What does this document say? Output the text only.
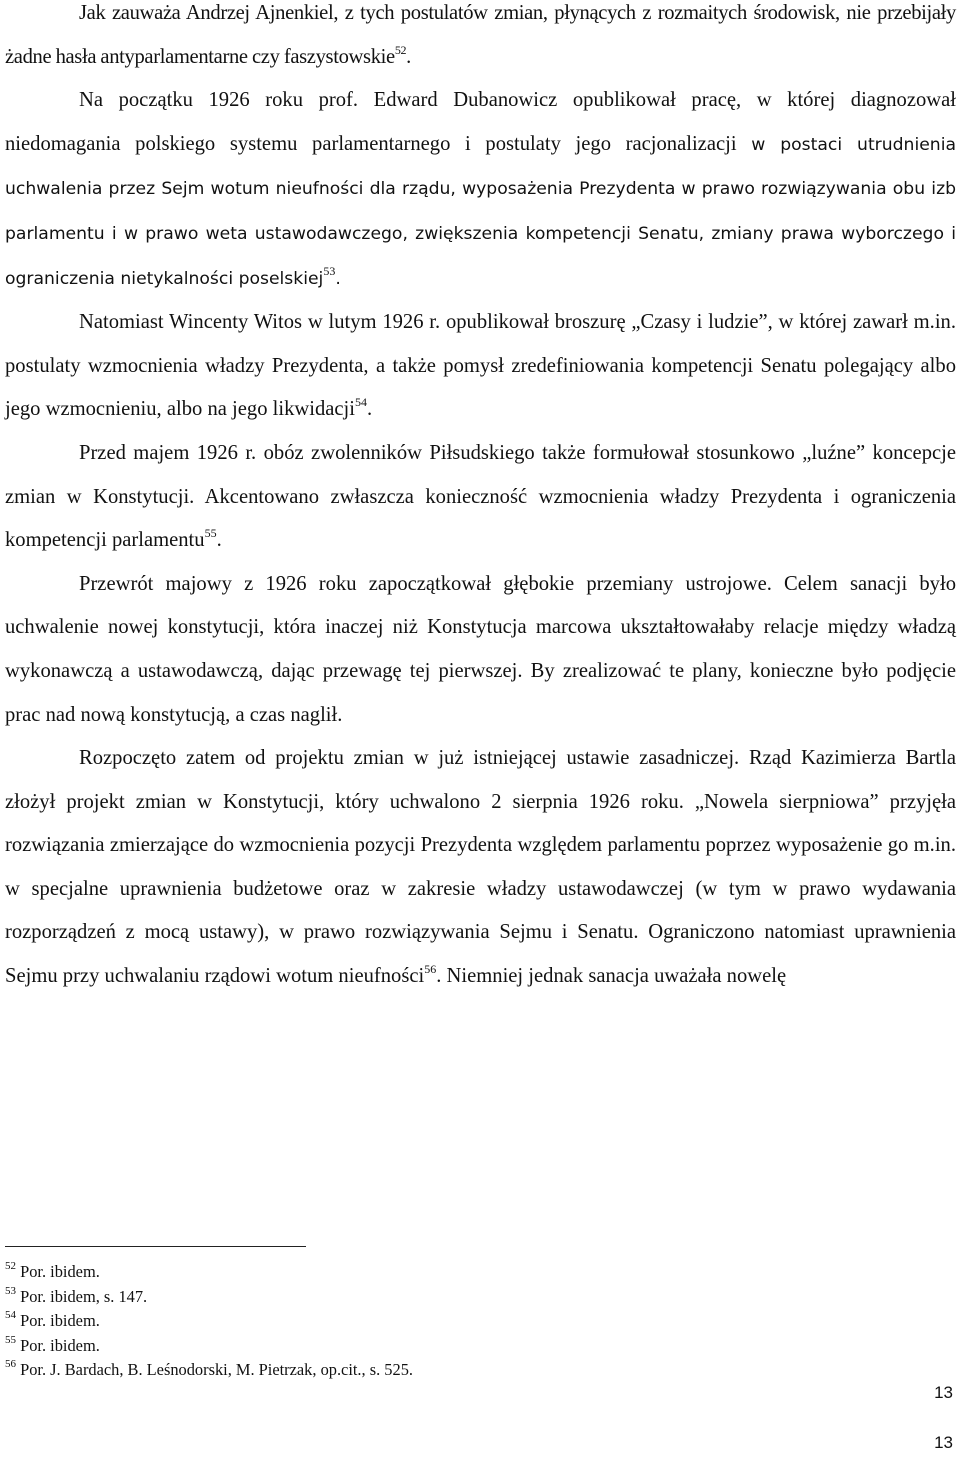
Jak zauważa Andrzej Ajnenkiel, z tych postulatów zmian, płynących z rozmaitych środowisk, nie przebijały żadne hasła antyparlamentarne czy faszystowskie$^{52}$.

Na początku 1926 roku prof. Edward Dubanowicz opublikował pracę, w której diagnozował niedomagania polskiego systemu parlamentarnego i postulaty jego racjonalizacji w postaci utrudnienia uchwalenia przez Sejm wotum nieufności dla rządu, wyposażenia Prezydenta w prawo rozwiązywania obu izb parlamentu i w prawo weta ustawodawczego, zwiększenia kompetencji Senatu, zmiany prawa wyborczego i ograniczenia nietykalności poselskiej$^{53}$.

Natomiast Wincenty Witos w lutym 1926 r. opublikował broszurę „Czasy i ludzie”, w której zawarł m.in. postulaty wzmocnienia władzy Prezydenta, a także pomysł zredefiniowania kompetencji Senatu polegający albo jego wzmocnieniu, albo na jego likwidacji$^{54}$.

Przed majem 1926 r. obóz zwolenników Piłsudskiego także formułował stosunkowo „luźne” koncepcje zmian w Konstytucji. Akcentowano zwłaszcza konieczność wzmocnienia władzy Prezydenta i ograniczenia kompetencji parlamentu$^{55}$.

Przewrót majowy z 1926 roku zapoczątkował głębokie przemiany ustrojowe. Celem sanacji było uchwalenie nowej konstytucji, która inaczej niż Konstytucja marcowa ukształtowałaby relacje między władzą wykonawczą a ustawodawczą, dając przewagę tej pierwszej. By zrealizować te plany, konieczne było podjęcie prac nad nową konstytucją, a czas naglił.

Rozpoczęto zatem od projektu zmian w już istniejącej ustawie zasadniczej. Rząd Kazimierza Bartla złożył projekt zmian w Konstytucji, który uchwalono 2 sierpnia 1926 roku. „Nowela sierpniowa” przyjęła rozwiązania zmierzające do wzmocnienia pozycji Prezydenta względem parlamentu poprzez wyposażenie go m.in. w specjalne uprawnienia budżetowe oraz w zakresie władzy ustawodawczej (w tym w prawo wydawania rozporządzeń z mocą ustawy), w prawo rozwiązywania Sejmu i Senatu. Ograniczono natomiast uprawnienia Sejmu przy uchwalaniu rządowi wotum nieufności$^{56}$. Niemniej jednak sanacja uważała nowelę

$^{52}$ Por. ibidem.
$^{53}$ Por. ibidem, s. 147.
$^{54}$ Por. ibidem.
$^{55}$ Por. ibidem.
$^{56}$ Por. J. Bardach, B. Leśnodorski, M. Pietrzak, op.cit., s. 525.
13
13
